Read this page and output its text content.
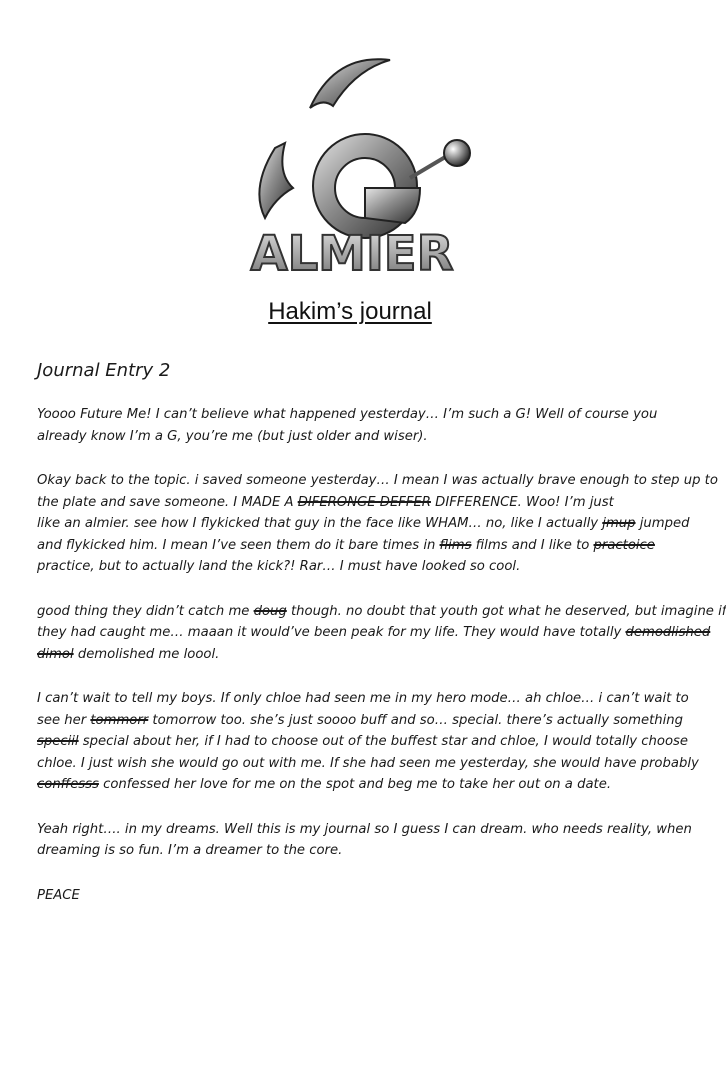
ALMIER
Hakim’s journal
Journal Entry 2
Yoooo Future Me! I can’t believe what happened yesterday… I’m such a G! Well of course you
already know I’m a G, you’re me (but just older and wiser).
Okay back to the topic. i saved someone yesterday… I mean I was actually brave enough to step up to
the plate and save someone. I MADE A DIFERONGE DEFFER DIFFERENCE. Woo! I’m just
like an almier. see how I flykicked that guy in the face like WHAM… no, like I actually jmup jumped
and flykicked him. I mean I’ve seen them do it bare times in flims films and I like to practoice
practice, but to actually land the kick?! Rar… I must have looked so cool.
good thing they didn’t catch me doug though. no doubt that youth got what he deserved, but imagine if
they had caught me… maaan it would’ve been peak for my life. They would have totally demodlished
dimol demolished me loool.
I can’t wait to tell my boys. If only chloe had seen me in my hero mode… ah chloe… i can’t wait to
see her tommorr tomorrow too. she’s just soooo buff and so… special. there’s actually something
speciil special about her, if I had to choose out of the buffest star and chloe, I would totally choose
chloe. I just wish she would go out with me. If she had seen me yesterday, she would have probably
conffesss confessed her love for me on the spot and beg me to take her out on a date.
Yeah right…. in my dreams. Well this is my journal so I guess I can dream. who needs reality, when
dreaming is so fun. I’m a dreamer to the core.
PEACE
